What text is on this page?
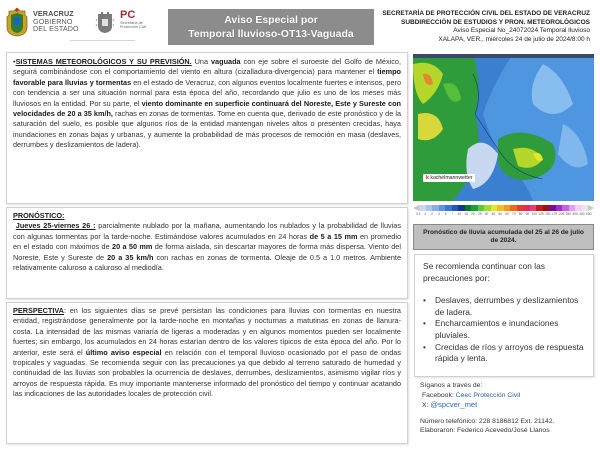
VERACRUZ
GOBIERNO
DEL ESTADO
PC
Secretaría de
Protección Civil
Aviso Especial por
Temporal lluvioso-OT13-Vaguada
SECRETARÍA DE PROTECCIÓN CIVIL DEL ESTADO DE VERACRUZ
SUBDIRECCIÓN DE ESTUDIOS Y PRON. METEOROLÓGICOS
Aviso Especial No_24072024 Temporal lluvioso
XALAPA, VER., miércoles 24 de julio de 2024/8:00 h
•SISTEMAS METEOROLÓGICOS Y SU PREVISIÓN. Una vaguada con eje sobre el suroeste del Golfo de México, seguirá combinándose con el comportamiento del viento en altura (cizalladura-divergencia) para mantener el tiempo favorable para lluvias y tormentas en el estado de Veracruz, con algunos eventos localmente fuertes e intensos, pero con tendencia a ser una situación normal para esta época del año, recordando que julio es uno de los meses más lluviosos en la entidad. Por su parte, el viento dominante en superficie continuará del Noreste, Este y Sureste con velocidades de 20 a 35 km/h, rachas en zonas de tormentas. Tome en cuenta que, derivado de este pronóstico y de la saturación del suelo, es posible que algunos ríos de la entidad mantengan niveles altos o presenten crecidas, haya inundaciones en zonas bajas y urbanas, y aumente la probabilidad de más procesos de remoción en masa (deslaves, derrumbes y deslizamientos de ladera).
PRONÓSTICO:
Jueves 25-viernes 26 : parcialmente nublado por la mañana, aumentando los nublados y la probabilidad de lluvias con algunas tormentas por la tarde-noche. Estimándose valores acumulados en 24 horas de 5 a 15 mm en promedio en el estado con máximos de 20 a 50 mm de forma aislada, sin descartar mayores de forma más dispersa. Viento del Noreste, Este y Sureste de 20 a 35 km/h con rachas en zonas de tormenta. Oleaje de 0.5 a 1.0 metros. Ambiente relativamente caluroso a caluroso al mediodía.
PERSPECTIVA: en los siguientes días se prevé persistan las condiciones para lluvias con tormentas en nuestra entidad, registrándose generalmente por la tarde-noche en montañas y nocturnas a matutinas en zonas de llanura-costa. La intensidad de las mismas variaría de ligeras a moderadas y en algunos momentos pueden ser localmente fuertes; sin embargo, los acumulados en 24 horas estarían dentro de los valores típicos de esta época del año. Por lo anterior, este será el último aviso especial en relación con el temporal lluvioso ocasionado por el paso de ondas tropicales y vaguadas. Se recomienda seguir con las precauciones ya que debido al terreno saturado de humedad y continuidad de las lluvias son probables la ocurrencia de deslaves, derrumbes, deslizamientos, asimismo vigilar ríos y arroyos de respuesta rápida. Es muy importante mantenerse informado del pronóstico del tiempo y continuar acatando las indicaciones de las autoridades locales de protección civil.
k kachelmannwetter
0.1	1	2	3	5	7	10	15	20	25	30	40	50	60	70	80	90 100 125 150 175 200 250 300 400 500
Pronóstico de lluvia acumulada del 25 al 26 de julio
de 2024.
Se recomienda continuar con las precauciones por:
• Deslaves, derrumbes y deslizamientos de ladera.
• Encharcamientos e inundaciones pluviales.
• Crecidas de ríos y arroyos de respuesta rápida y lenta.
Síganos a través de:
Facebook: Ceec Protección Civil
X: @spcver_met
Número telefónico: 228 8186812 Ext. 21142.
Elaboraron: Federico Acevedo/José Llanos
